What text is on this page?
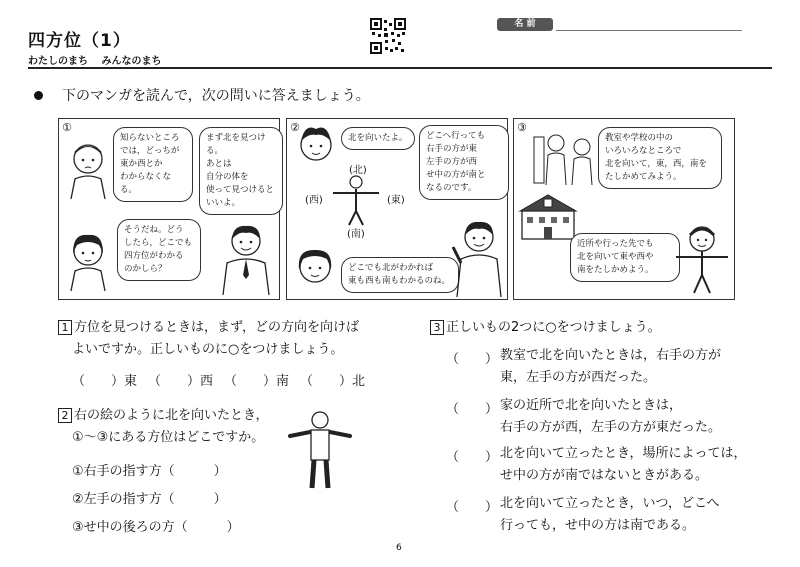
四方位（1）
わたしのまち みんなのまち
名 前
下のマンガを読んで，次の問いに答えましょう。
①
知らないところ
では，どっちが
東か西とか
わからなくなる。
まず北を見つける。
あとは
自分の体を
使って見つけると
いいよ。
そうだね。どう
したら，どこでも
四方位がわかる
のかしら？
②
北を向いたよ。	どこへ行っても
右手の方が東
左手の方が西
せ中の方が南と
なるのです。
(北)
(西)	(東)
(南)
どこでも北がわかれば
東も西も南もわかるのね。
③
教室や学校の中の
いろいろなところで
北を向いて，東，西，南を
たしかめてみよう。
近所や行った先でも
北を向いて東や西や
南をたしかめよう。
1 方位を見つけるときは，まず，どの方向を向けば
よいですか。正しいものに○をつけましょう。
（　　）東 （　　）西 （　　）南 （　　）北
2 右の絵のように北を向いたとき，
①～③にある方位はどこですか。
①右手の指す方（　　　）
②左手の指す方（　　　）
③せ中の後ろの方（　　　）
3 正しいもの2つに○をつけましょう。
（　　） 教室で北を向いたときは，右手の方が
東，左手の方が西だった。
（　　） 家の近所で北を向いたときは，
右手の方が西，左手の方が東だった。
（　　） 北を向いて立ったとき，場所によっては，
せ中の方が南ではないときがある。
（　　） 北を向いて立ったとき，いつ，どこへ
行っても，せ中の方は南である。
6
